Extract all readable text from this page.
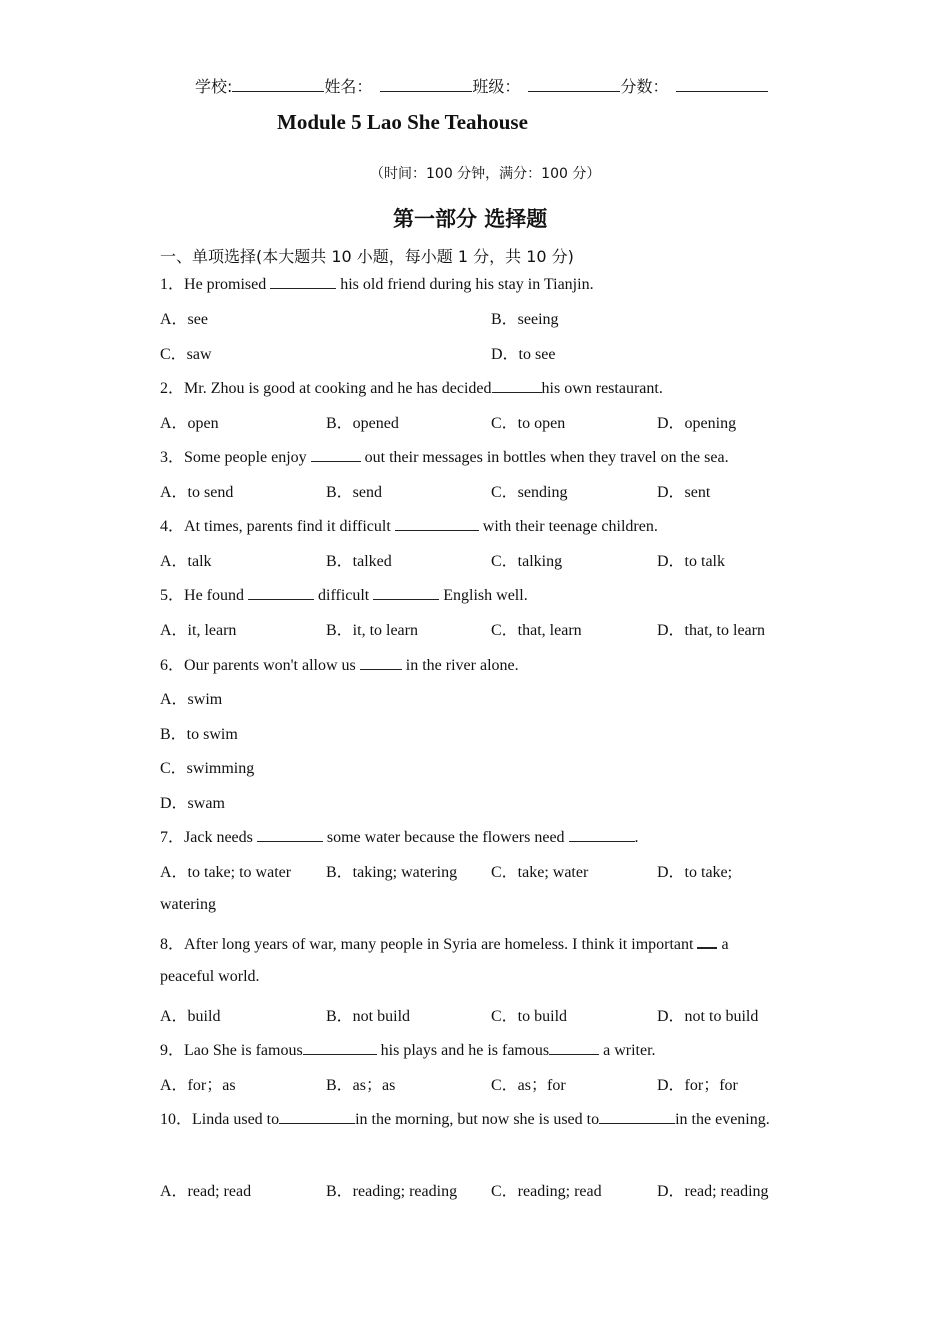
学校:	姓名：	班级：	分数：
Module 5 Lao She Teahouse
（时间：100 分钟，满分：100 分）
第一部分 选择题
一、单项选择(本大题共 10 小题，每小题 1 分，共 10 分)
1．He promised	his old friend during his stay in Tianjin.
A．see	B．seeing
C．saw	D．to see
2．Mr. Zhou is good at cooking and he has decided	his own restaurant.
A．open	B．opened	C．to open	D．opening
3．Some people enjoy	out their messages in bottles when they travel on the sea.
A．to send	B．send	C．sending	D．sent
4．At times, parents find it difficult	with their teenage children.
A．talk	B．talked	C．talking	D．to talk
5．He found	difficult	English well.
A．it, learn	B．it, to learn	C．that, learn	D．that, to learn
6．Our parents won't allow us	in the river alone.
A．swim
B．to swim
C．swimming
D．swam
7．Jack needs	some water because the flowers need	.
A．to take; to water B．taking; watering C．take; water	D．to take;
watering
8．After long years of war, many people in Syria are homeless. I think it important  a
peaceful world.
A．build	B．not build	C．to build	D．not to build
9．Lao She is famous	his plays and he is famous	a writer.
A．for；as	B．as；as	C．as；for	D．for；for
10．Linda used to	in the morning, but now she is used to	in the evening.
A．read; read	B．reading; reading C．reading; read	D．read; reading
